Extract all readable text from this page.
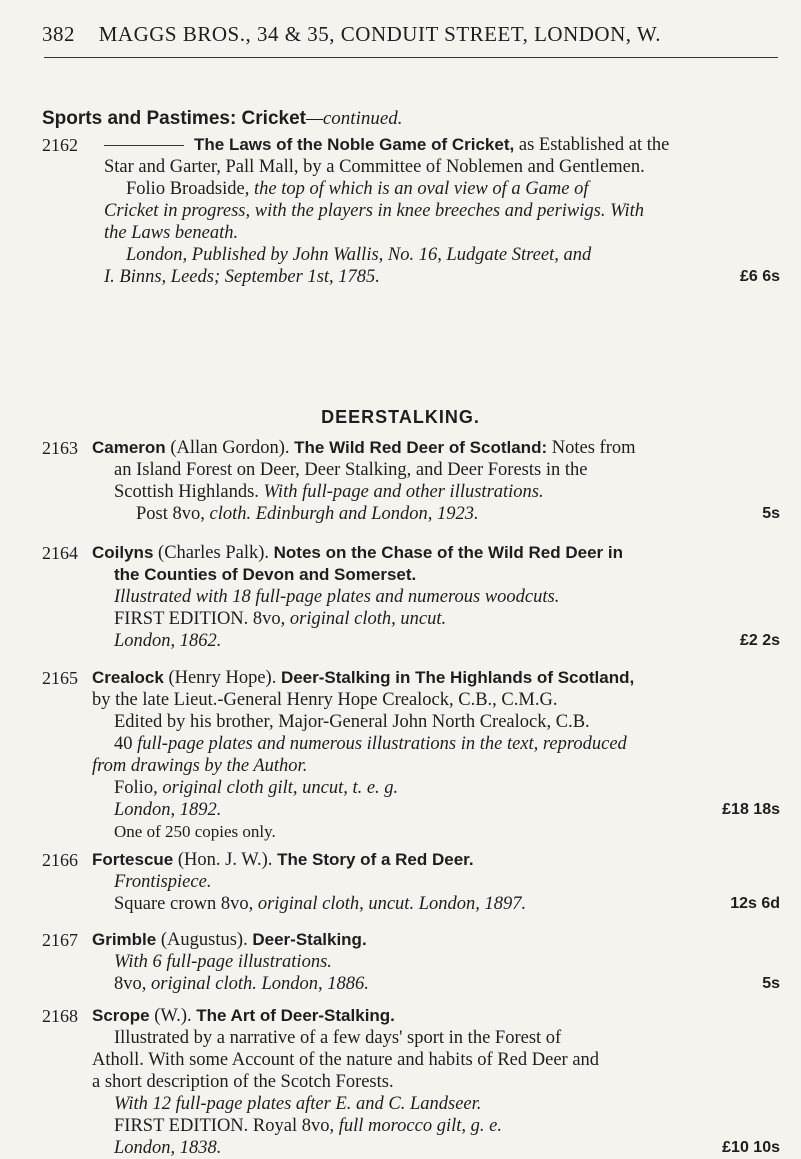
382 MAGGS BROS., 34 & 35, CONDUIT STREET, LONDON, W.
Sports and Pastimes: Cricket—continued.
2162	The Laws of the Noble Game of Cricket, as Established at the
Star and Garter, Pall Mall, by a Committee of Noblemen and Gentlemen.
Folio Broadside, the top of which is an oval view of a Game of
Cricket in progress, with the players in knee breeches and periwigs. With
the Laws beneath.
London, Published by John Wallis, No. 16, Ludgate Street, and
I. Binns, Leeds; September 1st, 1785.	£6 6s
DEERSTALKING.
2163 Cameron (Allan Gordon). The Wild Red Deer of Scotland: Notes from
an Island Forest on Deer, Deer Stalking, and Deer Forests in the
Scottish Highlands. With full-page and other illustrations.
Post 8vo, cloth. Edinburgh and London, 1923.	5s
2164 Coilyns (Charles Palk). Notes on the Chase of the Wild Red Deer in
the Counties of Devon and Somerset.
Illustrated with 18 full-page plates and numerous woodcuts.
FIRST EDITION. 8vo, original cloth, uncut.
London, 1862.	£2 2s
2165 Crealock (Henry Hope). Deer-Stalking in The Highlands of Scotland,
by the late Lieut.-General Henry Hope Crealock, C.B., C.M.G.
Edited by his brother, Major-General John North Crealock, C.B.
40 full-page plates and numerous illustrations in the text, reproduced
from drawings by the Author.
Folio, original cloth gilt, uncut, t. e. g.
London, 1892.	£18 18s
One of 250 copies only.
2166 Fortescue (Hon. J. W.). The Story of a Red Deer.
Frontispiece.
Square crown 8vo, original cloth, uncut. London, 1897.	12s 6d
2167 Grimble (Augustus). Deer-Stalking.
With 6 full-page illustrations.
8vo, original cloth. London, 1886.	5s
2168 Scrope (W.). The Art of Deer-Stalking.
Illustrated by a narrative of a few days' sport in the Forest of
Atholl. With some Account of the nature and habits of Red Deer and
a short description of the Scotch Forests.
With 12 full-page plates after E. and C. Landseer.
FIRST EDITION. Royal 8vo, full morocco gilt, g. e.
London, 1838.	£10 10s
